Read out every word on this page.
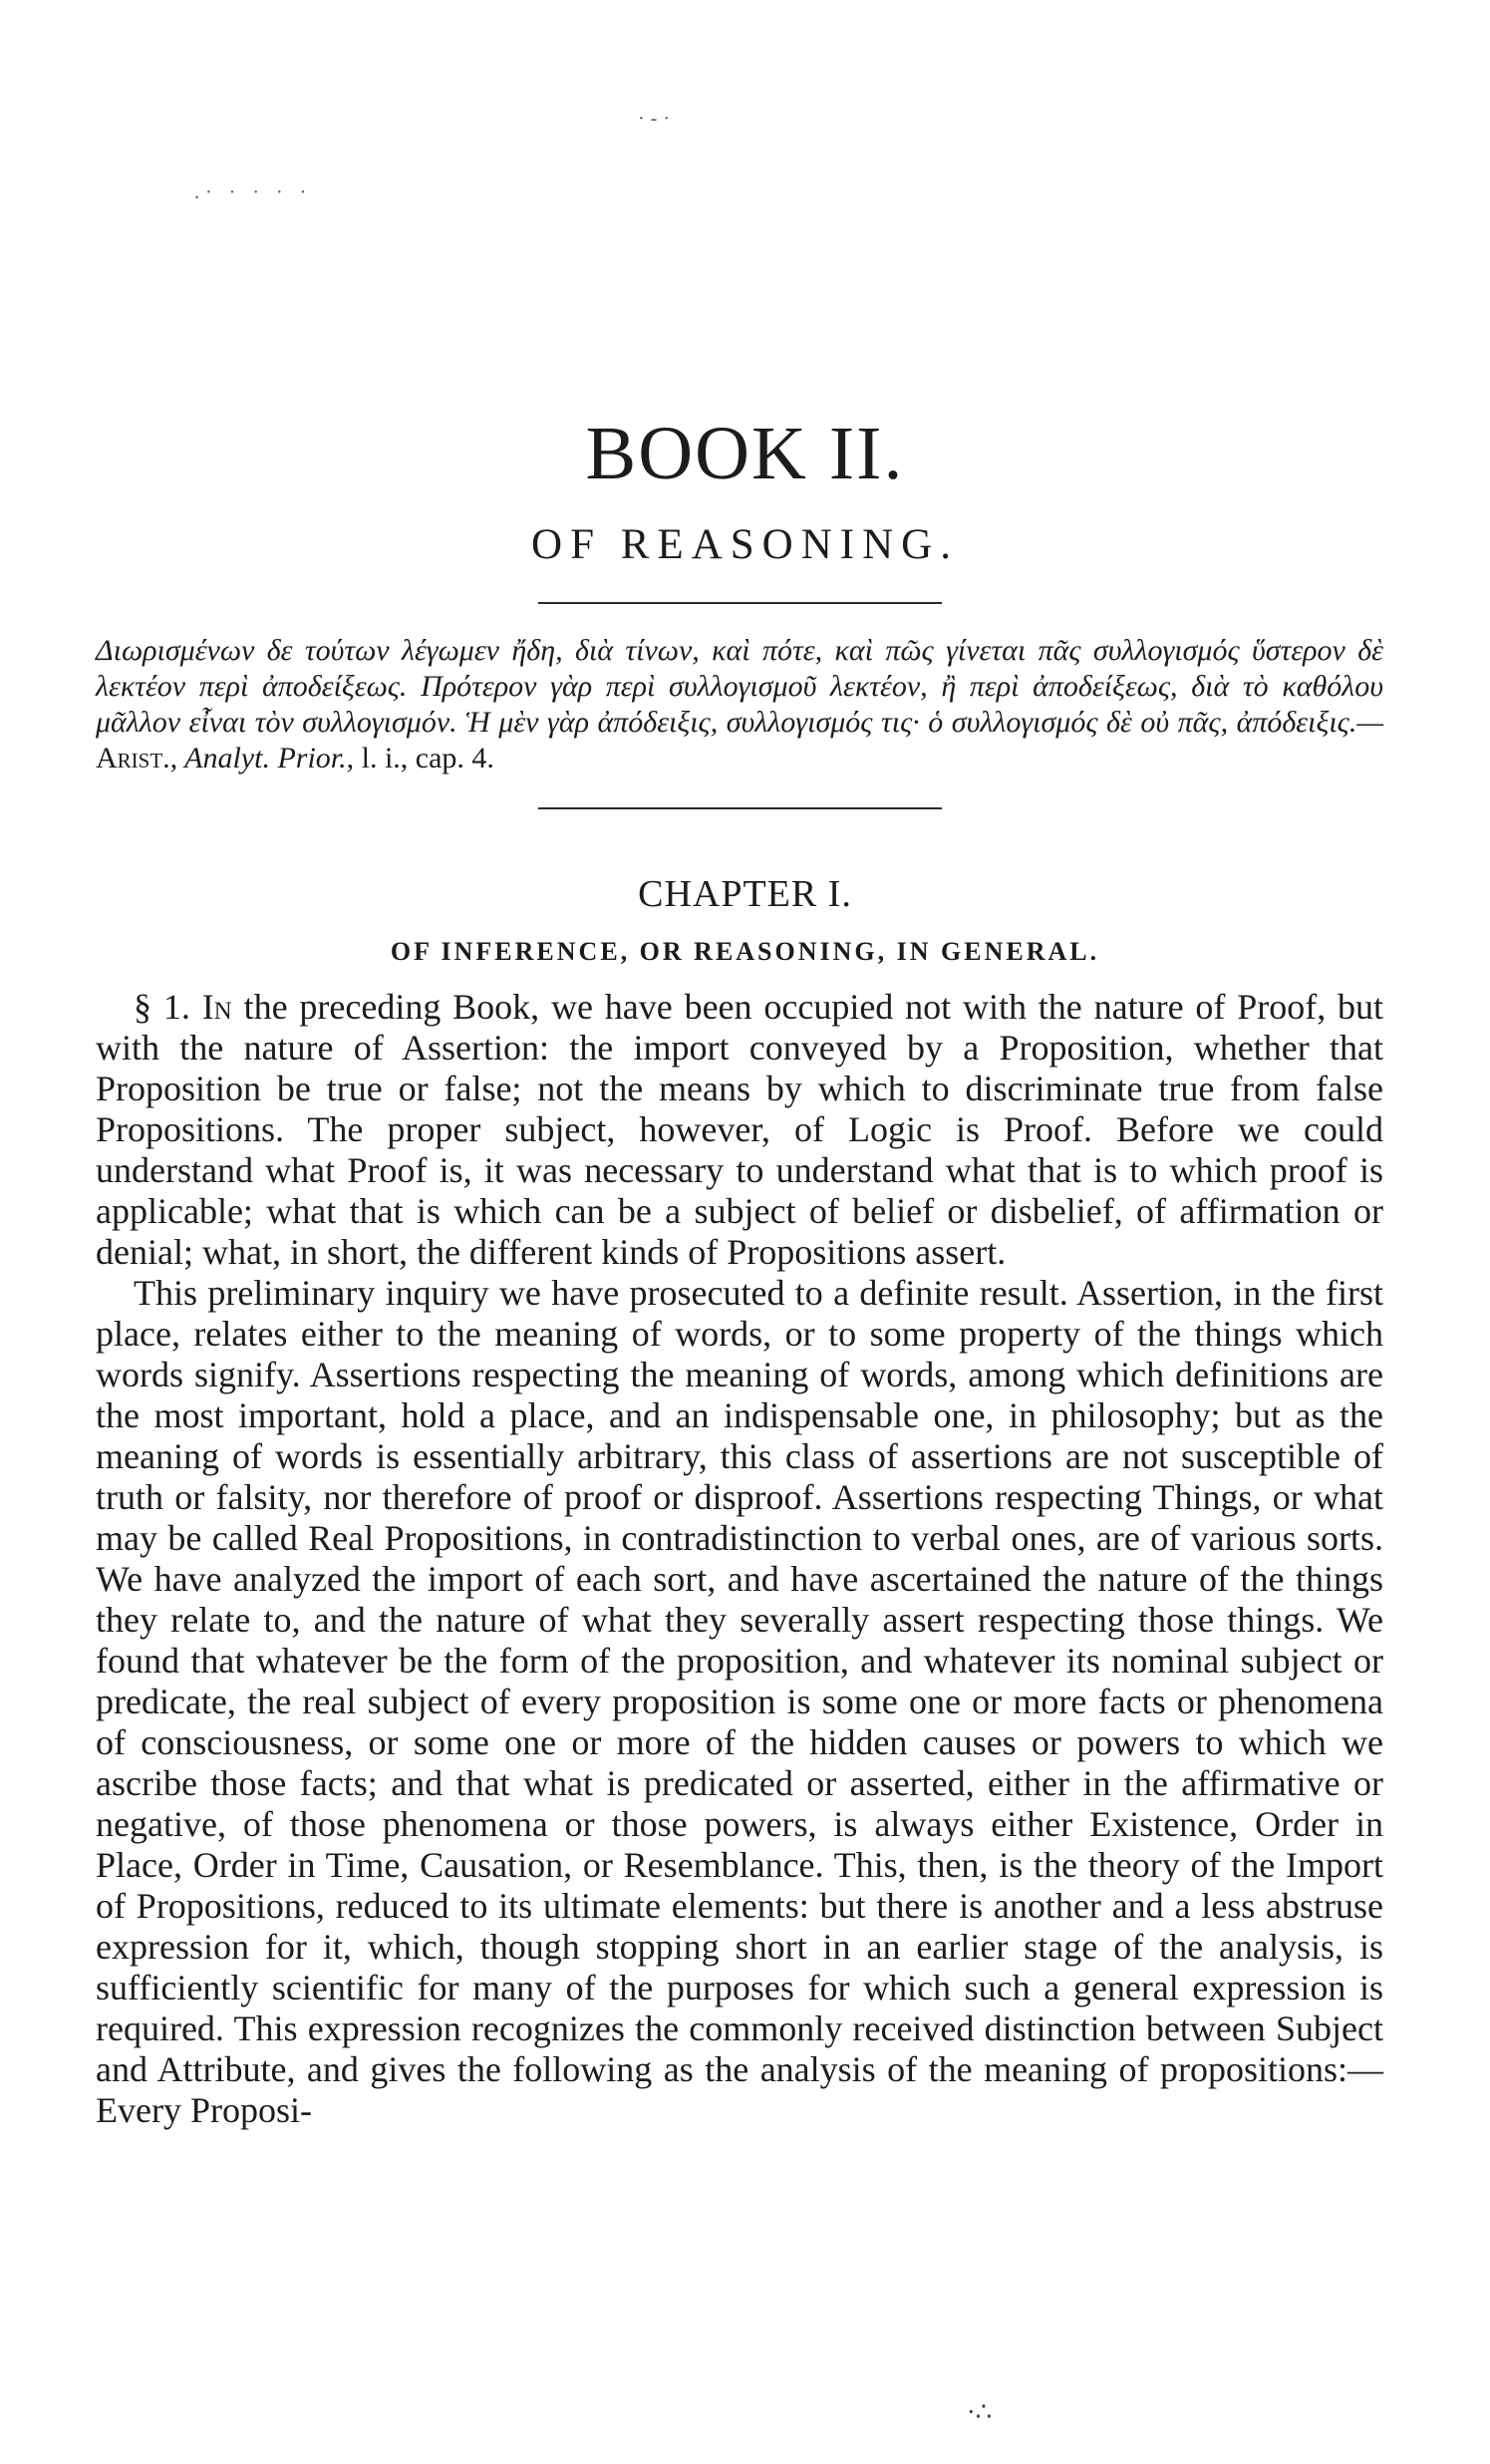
·‑·
.· · · · ·
BOOK II.
OF REASONING.
Διωρισμένων δε τούτων λέγωμεν ἤδη, διὰ τίνων, καὶ πότε, καὶ πῶς γίνεται πᾶς συλλογισμός ὕστερον δὲ λεκτέον περὶ ἀποδείξεως. Πρότερον γὰρ περὶ συλλογισμοῦ λεκτέον, ἢ περὶ ἀποδείξεως, διὰ τὸ καθόλου μᾶλλον εἶναι τὸν συλλογισμόν. Ἡ μὲν γὰρ ἀπόδειξις, συλλογισμός τις· ὁ συλλογισμός δὲ οὐ πᾶς, ἀπόδειξις.—Arist., Analyt. Prior., l. i., cap. 4.
CHAPTER I.
OF INFERENCE, OR REASONING, IN GENERAL.

§ 1. In the preceding Book, we have been occupied not with the nature of Proof, but with the nature of Assertion: the import conveyed by a Proposition, whether that Proposition be true or false; not the means by which to discriminate true from false Propositions. The proper subject, however, of Logic is Proof. Before we could understand what Proof is, it was necessary to understand what that is to which proof is applicable; what that is which can be a subject of belief or disbelief, of affirmation or denial; what, in short, the different kinds of Propositions assert.

This preliminary inquiry we have prosecuted to a definite result. Assertion, in the first place, relates either to the meaning of words, or to some property of the things which words signify. Assertions respecting the meaning of words, among which definitions are the most important, hold a place, and an indispensable one, in philosophy; but as the meaning of words is essentially arbitrary, this class of assertions are not susceptible of truth or falsity, nor therefore of proof or disproof. Assertions respecting Things, or what may be called Real Propositions, in contradistinction to verbal ones, are of various sorts. We have analyzed the import of each sort, and have ascertained the nature of the things they relate to, and the nature of what they severally assert respecting those things. We found that whatever be the form of the proposition, and whatever its nominal subject or predicate, the real subject of every proposition is some one or more facts or phenomena of consciousness, or some one or more of the hidden causes or powers to which we ascribe those facts; and that what is predicated or asserted, either in the affirmative or negative, of those phenomena or those powers, is always either Existence, Order in Place, Order in Time, Causation, or Resemblance. This, then, is the theory of the Import of Propositions, reduced to its ultimate elements: but there is another and a less abstruse expression for it, which, though stopping short in an earlier stage of the analysis, is sufficiently scientific for many of the purposes for which such a general expression is required. This expression recognizes the commonly received distinction between Subject and Attribute, and gives the following as the analysis of the meaning of propositions:—Every Proposi-

·∴
